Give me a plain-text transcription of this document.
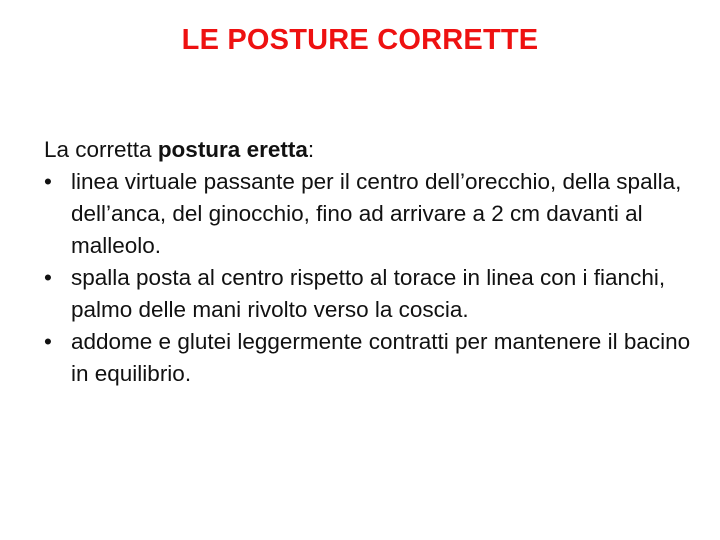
LE POSTURE CORRETTE

La corretta postura eretta:

• linea virtuale passante per il centro dell’orecchio, della spalla, dell’anca, del ginocchio, fino ad arrivare a 2 cm davanti al malleolo.
• spalla posta al centro rispetto al torace in linea con i fianchi, palmo delle mani rivolto verso la coscia.
• addome e glutei leggermente contratti per mantenere il bacino in equilibrio.
